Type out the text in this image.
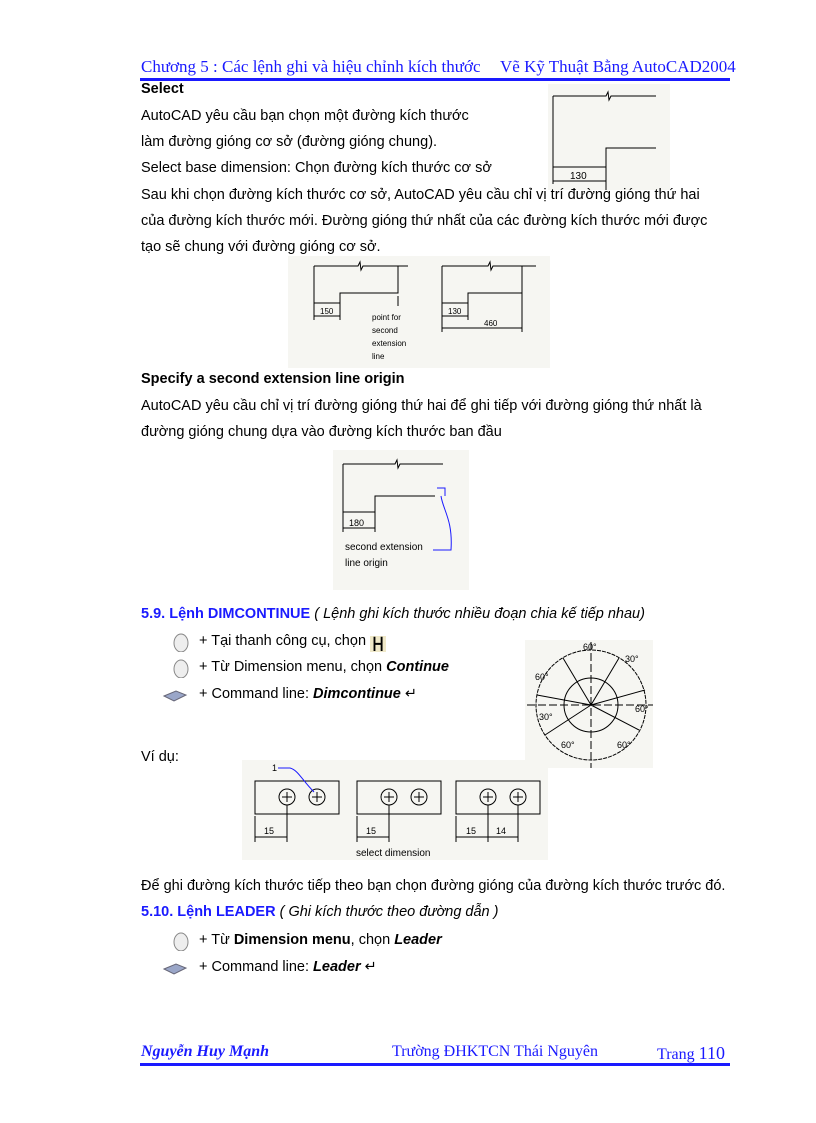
Chương 5 : Các lệnh ghi và hiệu chỉnh kích thước Vẽ Kỹ Thuật Bằng AutoCAD2004
Select
AutoCAD yêu cầu bạn chọn một đường kích thước
làm đường gióng cơ sở (đường gióng chung).
Select base dimension: Chọn đường kích thước cơ sở
130
Sau khi chọn đường kích thước cơ sở, AutoCAD yêu cầu chỉ vị trí đường gióng thứ hai
của đường kích thước mới. Đường gióng thứ nhất của các đường kích thước mới được
tạo sẽ chung với đường gióng cơ sở.
150
point for
second
extension
line
130
460
Specify a second extension line origin
AutoCAD yêu cầu chỉ vị trí đường gióng thứ hai để ghi tiếp với đường gióng thứ nhất là
đường gióng chung dựa vào đường kích thước ban đầu
180
second extension
line origin
5.9. Lệnh DIMCONTINUE ( Lệnh ghi kích thước nhiều đoạn chia kế tiếp nhau)
+ Tại thanh công cụ, chọn ┣┫
+ Từ Dimension menu, chọn Continue
+ Command line: Dimcontinue ↵
60°
30°
60°
60°
60°
30°
60°
Ví dụ:
1
15	15
select dimension
15 14
Để ghi đường kích thước tiếp theo bạn chọn đường gióng của đường kích thước trước đó.
5.10. Lệnh LEADER ( Ghi kích thước theo đường dẫn )
+ Từ Dimension menu, chọn Leader
+ Command line: Leader ↵
Nguyễn Huy Mạnh	Trường ĐHKTCN Thái Nguyên	Trang 110
